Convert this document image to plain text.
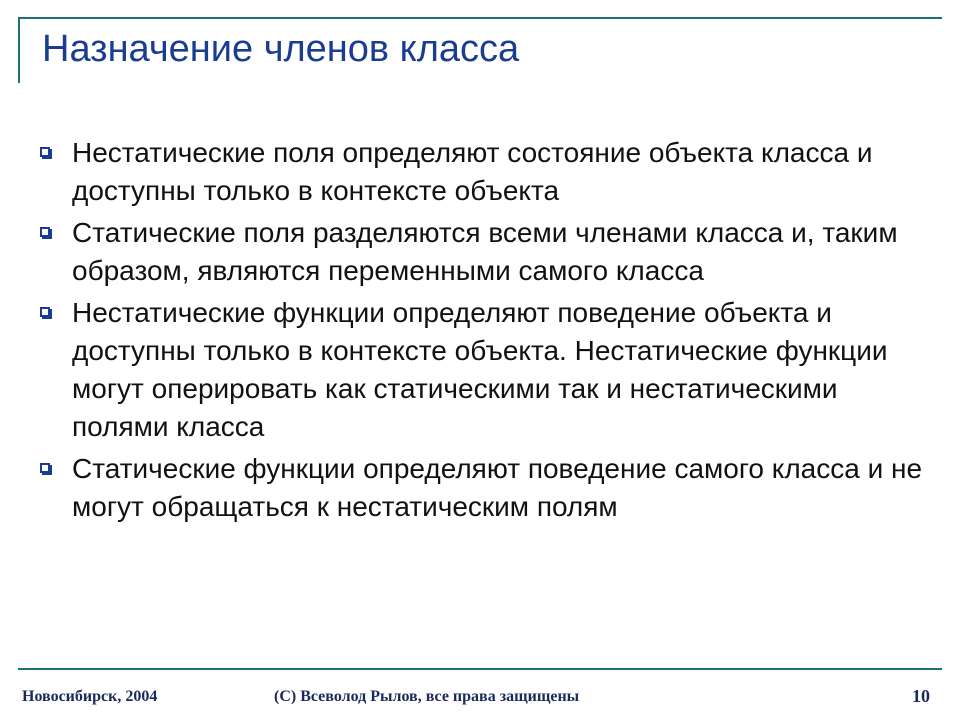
Назначение членов класса
Нестатические поля определяют состояние объекта класса и доступны только в контексте объекта
Статические поля разделяются всеми членами класса и, таким образом, являются переменными самого класса
Нестатические функции определяют поведение объекта и доступны только в контексте объекта. Нестатические функции могут оперировать как статическими так и нестатическими полями класса
Статические функции определяют поведение самого класса и не могут обращаться к нестатическим полям
Новосибирск, 2004	(С) Всеволод Рылов, все права защищены	10
